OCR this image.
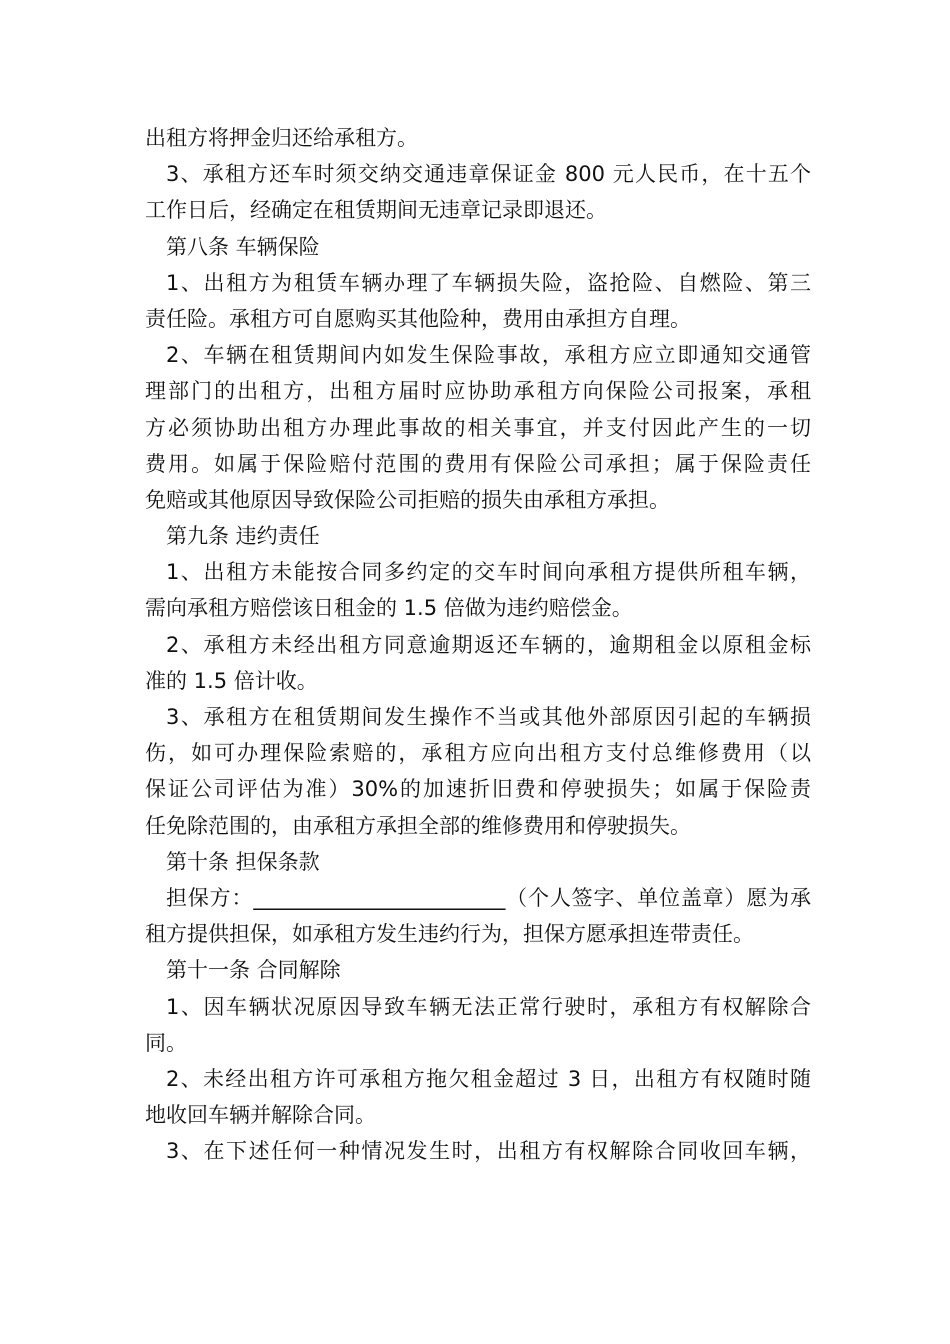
出租方将押金归还给承租方。
3、承租方还车时须交纳交通违章保证金 800 元人民币，在十五个
工作日后，经确定在租赁期间无违章记录即退还。
第八条 车辆保险
1、出租方为租赁车辆办理了车辆损失险，盗抢险、自燃险、第三
责任险。承租方可自愿购买其他险种，费用由承担方自理。
2、车辆在租赁期间内如发生保险事故，承租方应立即通知交通管
理部门的出租方，出租方届时应协助承租方向保险公司报案，承租
方必须协助出租方办理此事故的相关事宜，并支付因此产生的一切
费用。如属于保险赔付范围的费用有保险公司承担；属于保险责任
免赔或其他原因导致保险公司拒赔的损失由承租方承担。
第九条 违约责任
1、出租方未能按合同多约定的交车时间向承租方提供所租车辆，
需向承租方赔偿该日租金的 1.5 倍做为违约赔偿金。
2、承租方未经出租方同意逾期返还车辆的，逾期租金以原租金标
准的 1.5 倍计收。
3、承租方在租赁期间发生操作不当或其他外部原因引起的车辆损
伤，如可办理保险索赔的，承租方应向出租方支付总维修费用（以
保证公司评估为准）30%的加速折旧费和停驶损失；如属于保险责
任免除范围的，由承租方承担全部的维修费用和停驶损失。
第十条 担保条款
担保方：________________________（个人签字、单位盖章）愿为承
租方提供担保，如承租方发生违约行为，担保方愿承担连带责任。
第十一条 合同解除
1、因车辆状况原因导致车辆无法正常行驶时，承租方有权解除合
同。
2、未经出租方许可承租方拖欠租金超过 3 日，出租方有权随时随
地收回车辆并解除合同。
3、在下述任何一种情况发生时，出租方有权解除合同收回车辆，
